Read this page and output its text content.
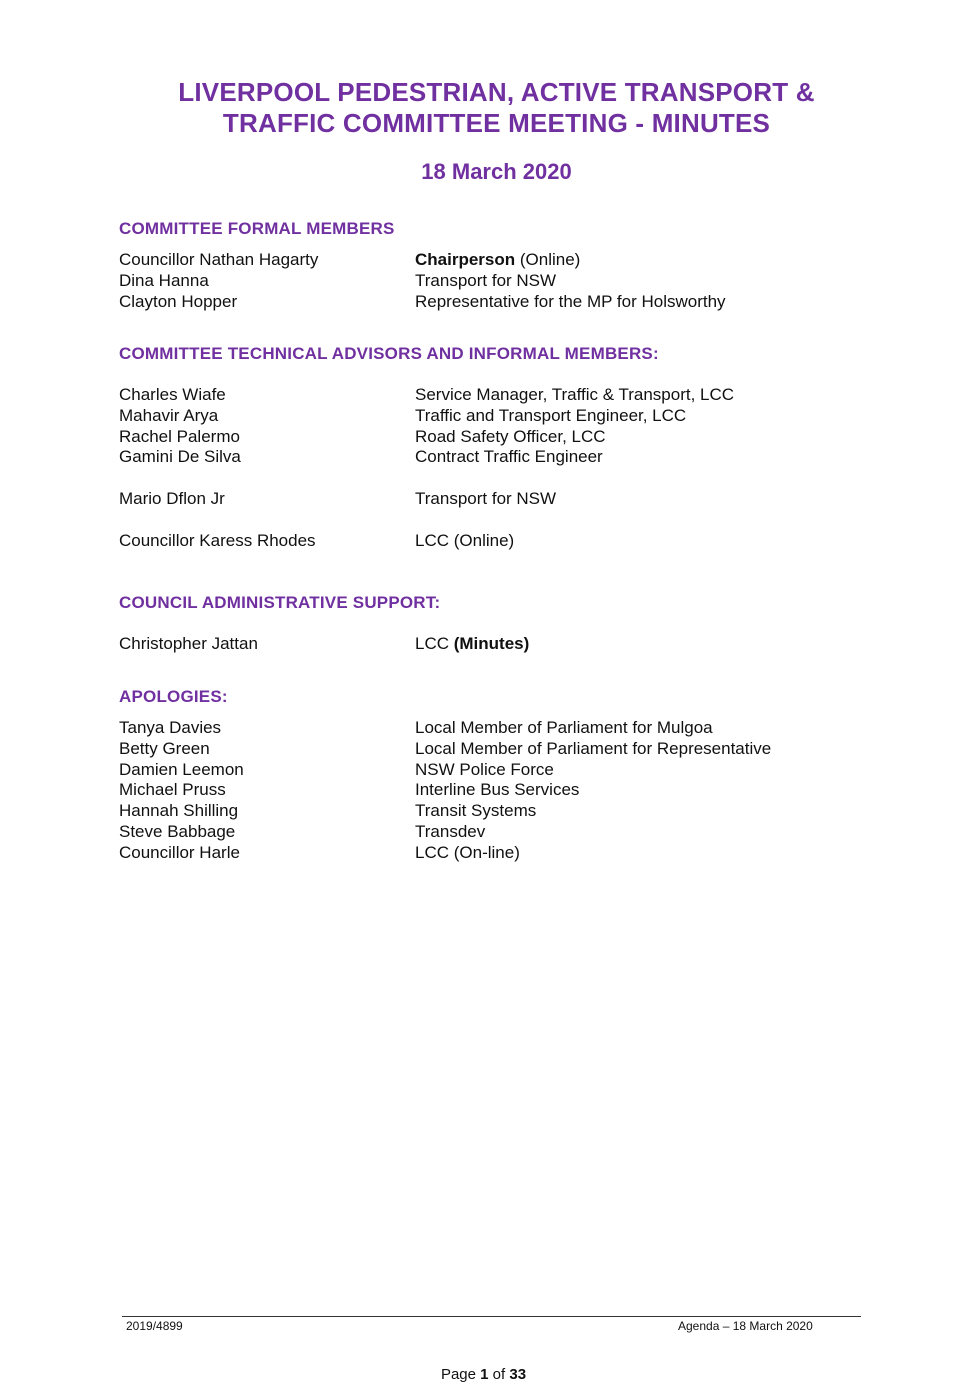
LIVERPOOL PEDESTRIAN, ACTIVE TRANSPORT &
TRAFFIC COMMITTEE MEETING - MINUTES
18 March 2020
COMMITTEE FORMAL MEMBERS
Councillor Nathan Hagarty	Chairperson (Online)
Dina Hanna	Transport for NSW
Clayton Hopper	Representative for the MP for Holsworthy
COMMITTEE TECHNICAL ADVISORS AND INFORMAL MEMBERS:
Charles Wiafe	Service Manager, Traffic & Transport, LCC
Mahavir Arya	Traffic and Transport Engineer, LCC
Rachel Palermo	Road Safety Officer, LCC
Gamini De Silva	Contract Traffic Engineer
Mario Dflon Jr	Transport for NSW
Councillor Karess Rhodes	LCC (Online)
COUNCIL ADMINISTRATIVE SUPPORT:
Christopher Jattan	LCC (Minutes)
APOLOGIES:
Tanya Davies	Local Member of Parliament for Mulgoa
Betty Green	Local Member of Parliament for Representative
Damien Leemon	NSW Police Force
Michael Pruss	Interline Bus Services
Hannah Shilling	Transit Systems
Steve Babbage	Transdev
Councillor Harle	LCC (On-line)
2019/4899	Agenda – 18 March 2020
Page 1 of 33
